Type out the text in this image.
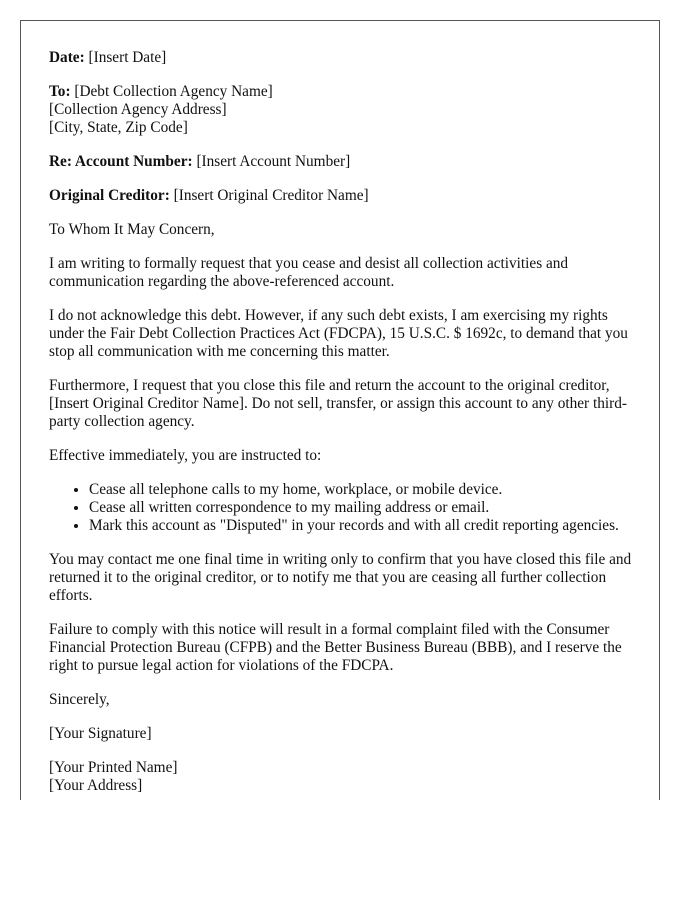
Date: [Insert Date]
To: [Debt Collection Agency Name]
[Collection Agency Address]
[City, State, Zip Code]
Re: Account Number: [Insert Account Number]
Original Creditor: [Insert Original Creditor Name]
To Whom It May Concern,
I am writing to formally request that you cease and desist all collection activities and communication regarding the above-referenced account.
I do not acknowledge this debt. However, if any such debt exists, I am exercising my rights under the Fair Debt Collection Practices Act (FDCPA), 15 U.S.C. $ 1692c, to demand that you stop all communication with me concerning this matter.
Furthermore, I request that you close this file and return the account to the original creditor, [Insert Original Creditor Name]. Do not sell, transfer, or assign this account to any other third-party collection agency.
Effective immediately, you are instructed to:
• Cease all telephone calls to my home, workplace, or mobile device.
• Cease all written correspondence to my mailing address or email.
• Mark this account as "Disputed" in your records and with all credit reporting agencies.
You may contact me one final time in writing only to confirm that you have closed this file and returned it to the original creditor, or to notify me that you are ceasing all further collection efforts.
Failure to comply with this notice will result in a formal complaint filed with the Consumer Financial Protection Bureau (CFPB) and the Better Business Bureau (BBB), and I reserve the right to pursue legal action for violations of the FDCPA.
Sincerely,
[Your Signature]
[Your Printed Name]
[Your Address]
